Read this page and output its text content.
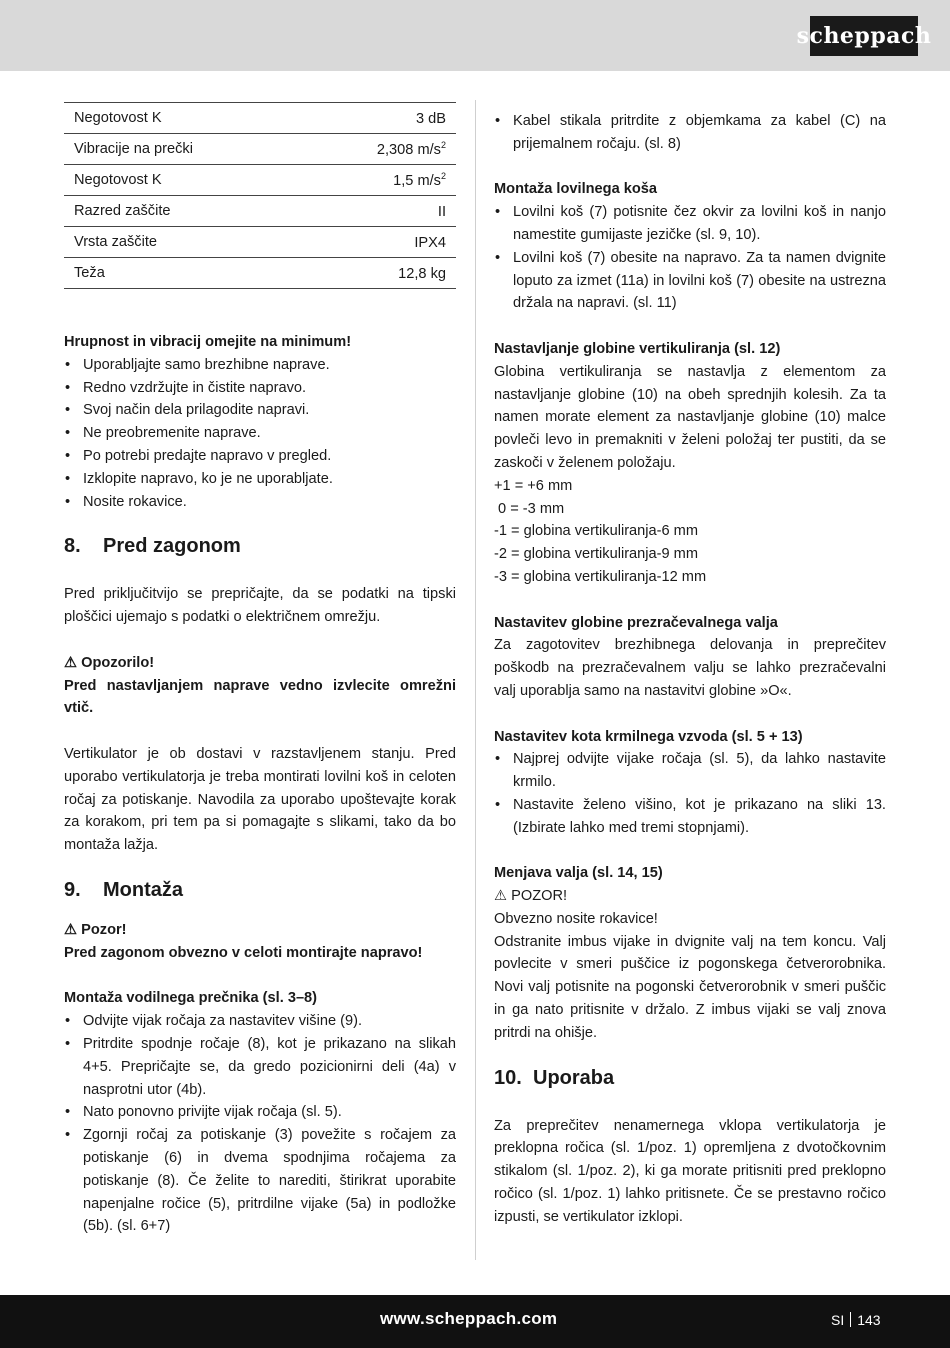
scheppach
Negotovost K	3 dB
Vibracije na prečki	2,308 $m/s^2$
Negotovost K	1,5 $m/s^2$
Razred zaščite	II
Vrsta zaščite	IPX4
Teža	12,8 kg

Hrupnost in vibracij omejite na minimum!

• Uporabljajte samo brezhibne naprave.
• Redno vzdržujte in čistite napravo.
• Svoj način dela prilagodite napravi.
• Ne preobremenite naprave.
• Po potrebi predajte napravo v pregled.
• Izklopite napravo, ko je ne uporabljate.
• Nosite rokavice.
8. Pred zagonom

Pred priključitvijo se prepričajte, da se podatki na tipski ploščici ujemajo s podatki o električnem omrežju.

⚠ Opozorilo!

Pred nastavljanjem naprave vedno izvlecite omrežni vtič.

Vertikulator je ob dostavi v razstavljenem stanju. Pred uporabo vertikulatorja je treba montirati lovilni koš in celoten ročaj za potiskanje. Navodila za uporabo upoštevajte korak za korakom, pri tem pa si pomagajte s slikami, tako da bo montaža lažja.

9. Montaža

⚠ Pozor!

Pred zagonom obvezno v celoti montirajte napravo!

Montaža vodilnega prečnika (sl. 3–8)

• Odvijte vijak ročaja za nastavitev višine (9).
• Pritrdite spodnje ročaje (8), kot je prikazano na slikah 4+5. Prepričajte se, da gredo pozicionirni deli (4a) v nasprotni utor (4b).
• Nato ponovno privijte vijak ročaja (sl. 5).
• Zgornji ročaj za potiskanje (3) povežite s ročajem za potiskanje (6) in dvema spodnjima ročajema za potiskanje (8). Če želite to narediti, štirikrat uporabite napenjalne ročice (5), pritrdilne vijake (5a) in podložke (5b). (sl. 6+7)
• Kabel stikala pritrdite z objemkama za kabel (C) na prijemalnem ročaju. (sl. 8)

Montaža lovilnega koša

• Lovilni koš (7) potisnite čez okvir za lovilni koš in nanjo namestite gumijaste jezičke (sl. 9, 10).
• Lovilni koš (7) obesite na napravo. Za ta namen dvignite loputo za izmet (11a) in lovilni koš (7) obesite na ustrezna držala na napravi. (sl. 11)

Nastavljanje globine vertikuliranja (sl. 12)

Globina vertikuliranja se nastavlja z elementom za nastavljanje globine (10) na obeh sprednjih kolesih. Za ta namen morate element za nastavljanje globine (10) malce povleči levo in premakniti v želeni položaj ter pustiti, da se zaskoči v želenem položaju.

+1 = +6 mm

0 = -3 mm

-1 = globina vertikuliranja-6 mm

-2 = globina vertikuliranja-9 mm

-3 = globina vertikuliranja-12 mm

Nastavitev globine prezračevalnega valja

Za zagotovitev brezhibnega delovanja in preprečitev poškodb na prezračevalnem valju se lahko prezračevalni valj uporablja samo na nastavitvi globine »O«.

Nastavitev kota krmilnega vzvoda (sl. 5 + 13)

• Najprej odvijte vijake ročaja (sl. 5), da lahko nastavite krmilo.
• Nastavite želeno višino, kot je prikazano na sliki 13. (Izbirate lahko med tremi stopnjami).

Menjava valja (sl. 14, 15)

⚠ POZOR!

Obvezno nosite rokavice!

Odstranite imbus vijake in dvignite valj na tem koncu. Valj povlecite v smeri puščice iz pogonskega četverorobnika. Novi valj potisnite na pogonski četverorobnik v smeri puščic in ga nato pritisnite v držalo. Z imbus vijaki se valj znova pritrdi na ohišje.

10. Uporaba

Za preprečitev nenamernega vklopa vertikulatorja je preklopna ročica (sl. 1/poz. 1) opremljena z dvotočkovnim stikalom (sl. 1/poz. 2), ki ga morate pritisniti pred preklopno ročico (sl. 1/poz. 1) lahko pritisnete. Če se prestavno ročico izpusti, se vertikulator izklopi.

www.scheppach.com	SI 143
